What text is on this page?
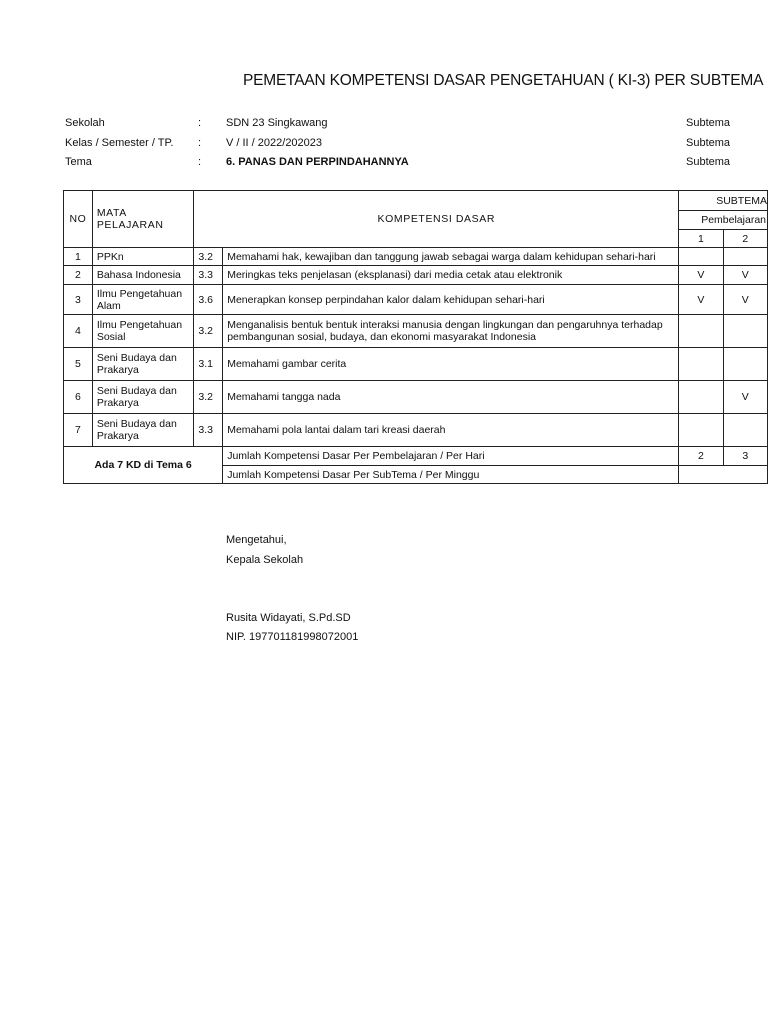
PEMETAAN KOMPETENSI DASAR PENGETAHUAN ( KI-3) PER SUBTEMA
Sekolah	: SDN 23 Singkawang	Subtema
Kelas / Semester / TP. : V / II / 2022/202023	Subtema
Tema	: 6. PANAS DAN PERPINDAHANNYA	Subtema
NO	MATA PELAJARAN	KOMPETENSI DASAR		SUBTEMA	
				Pembelajaran	
				1	2
1	PPKn	3.2	Memahami hak, kewajiban dan tanggung jawab sebagai warga dalam kehidupan sehari-hari		
2	Bahasa Indonesia	3.3	Meringkas teks penjelasan (eksplanasi) dari media cetak atau elektronik	V	V
3	Ilmu Pengetahuan Alam	3.6	Menerapkan konsep perpindahan kalor dalam kehidupan sehari-hari	V	V
4	Ilmu Pengetahuan Sosial	3.2	Menganalisis bentuk bentuk interaksi manusia dengan lingkungan dan pengaruhnya terhadap pembangunan sosial, budaya, dan ekonomi masyarakat Indonesia		
5	Seni Budaya dan Prakarya	3.1	Memahami gambar cerita		
6	Seni Budaya dan Prakarya	3.2	Memahami tangga nada		V
7	Seni Budaya dan Prakarya	3.3	Memahami pola lantai dalam tari kreasi daerah		
Ada 7 KD di Tema 6			Jumlah Kompetensi Dasar Per Pembelajaran / Per Hari	2	3
			Jumlah Kompetensi Dasar Per SubTema / Per Minggu		
Mengetahui,
Kepala Sekolah
Rusita Widayati, S.Pd.SD
NIP. 197701181998072001
